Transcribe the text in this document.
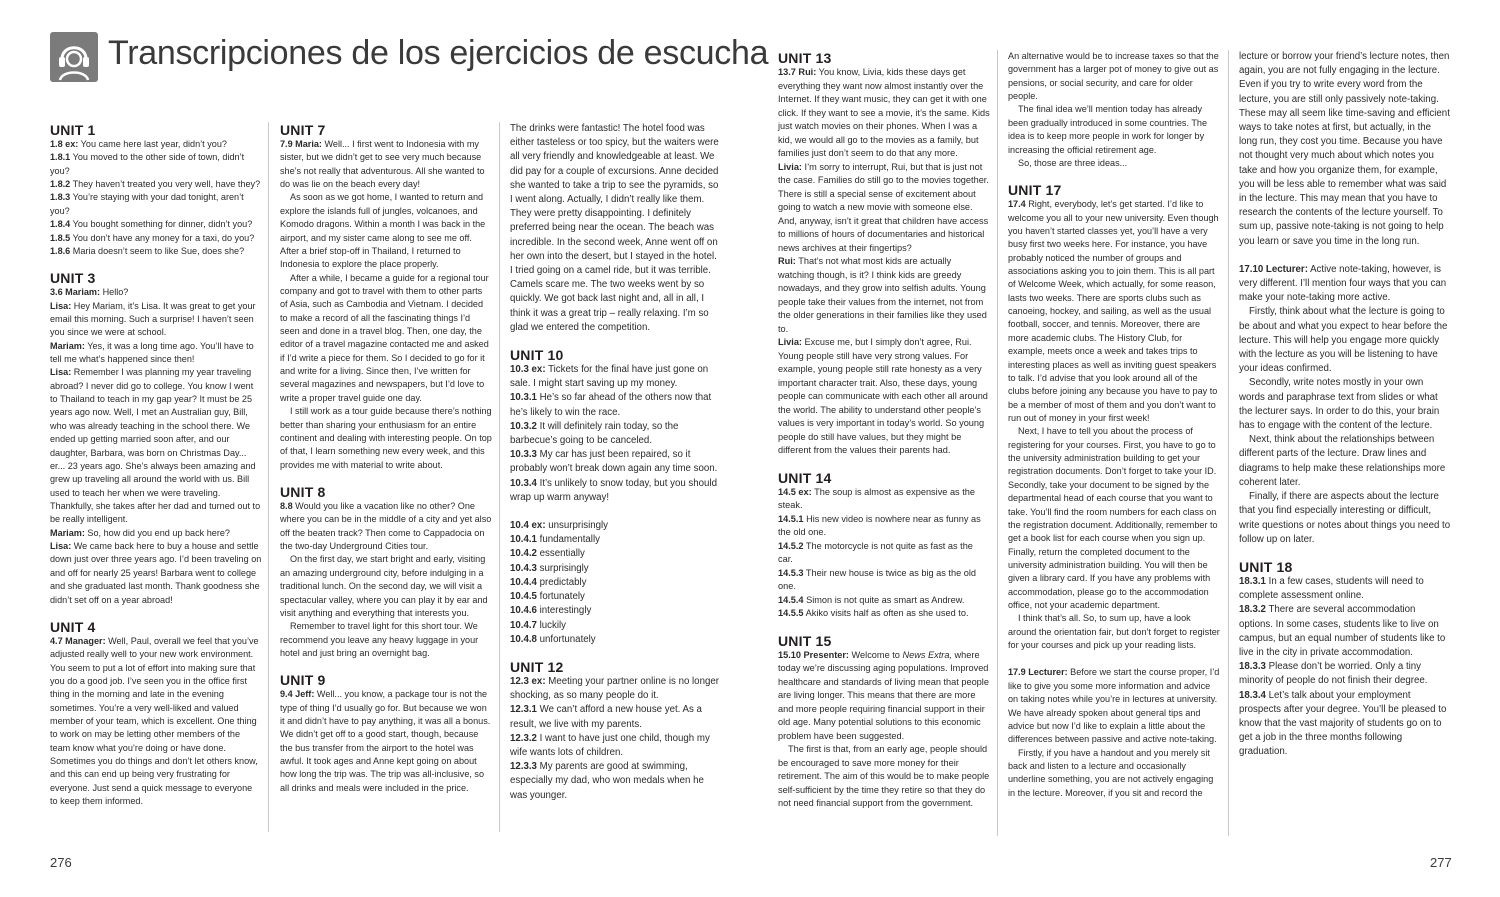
Transcripciones de los ejercicios de escucha
UNIT 1
1.8 ex: You came here last year, didn’t you?
1.8.1 You moved to the other side of town, didn’t you?
1.8.2 They haven’t treated you very well, have they?
1.8.3 You’re staying with your dad tonight, aren’t you?
1.8.4 You bought something for dinner, didn’t you?
1.8.5 You don’t have any money for a taxi, do you?
1.8.6 Maria doesn’t seem to like Sue, does she?
UNIT 3
3.6 Mariam: Hello?
Lisa: Hey Mariam, it’s Lisa. It was great to get your email this morning. Such a surprise! I haven’t seen you since we were at school.
Mariam: Yes, it was a long time ago. You’ll have to tell me what’s happened since then!
Lisa: Remember I was planning my year traveling abroad? I never did go to college. You know I went to Thailand to teach in my gap year? It must be 25 years ago now. Well, I met an Australian guy, Bill, who was already teaching in the school there. We ended up getting married soon after, and our daughter, Barbara, was born on Christmas Day... er... 23 years ago. She’s always been amazing and grew up traveling all around the world with us. Bill used to teach her when we were traveling. Thankfully, she takes after her dad and turned out to be really intelligent.
Mariam: So, how did you end up back here?
Lisa: We came back here to buy a house and settle down just over three years ago. I’d been traveling on and off for nearly 25 years! Barbara went to college and she graduated last month. Thank goodness she didn’t set off on a year abroad!
UNIT 4
4.7 Manager: Well, Paul, overall we feel that you’ve adjusted really well to your new work environment. You seem to put a lot of effort into making sure that you do a good job. I’ve seen you in the office first thing in the morning and late in the evening sometimes. You’re a very well-liked and valued member of your team, which is excellent. One thing to work on may be letting other members of the team know what you’re doing or have done. Sometimes you do things and don’t let others know, and this can end up being very frustrating for everyone. Just send a quick message to everyone to keep them informed.
UNIT 7
7.9 Maria: Well... I first went to Indonesia with my sister, but we didn’t get to see very much because she’s not really that adventurous. All she wanted to do was lie on the beach every day!
As soon as we got home, I wanted to return and explore the islands full of jungles, volcanoes, and Komodo dragons. Within a month I was back in the airport, and my sister came along to see me off. After a brief stop-off in Thailand, I returned to Indonesia to explore the place properly.
After a while, I became a guide for a regional tour company and got to travel with them to other parts of Asia, such as Cambodia and Vietnam. I decided to make a record of all the fascinating things I’d seen and done in a travel blog. Then, one day, the editor of a travel magazine contacted me and asked if I’d write a piece for them. So I decided to go for it and write for a living. Since then, I’ve written for several magazines and newspapers, but I’d love to write a proper travel guide one day.
I still work as a tour guide because there’s nothing better than sharing your enthusiasm for an entire continent and dealing with interesting people. On top of that, I learn something new every week, and this provides me with material to write about.
UNIT 8
8.8 Would you like a vacation like no other? One where you can be in the middle of a city and yet also off the beaten track? Then come to Cappadocia on the two-day Underground Cities tour.
On the first day, we start bright and early, visiting an amazing underground city, before indulging in a traditional lunch. On the second day, we will visit a spectacular valley, where you can play it by ear and visit anything and everything that interests you.
Remember to travel light for this short tour. We recommend you leave any heavy luggage in your hotel and just bring an overnight bag.
UNIT 9
9.4 Jeff: Well... you know, a package tour is not the type of thing I’d usually go for. But because we won it and didn’t have to pay anything, it was all a bonus. We didn’t get off to a good start, though, because the bus transfer from the airport to the hotel was awful. It took ages and Anne kept going on about how long the trip was. The trip was all-inclusive, so all drinks and meals were included in the price.
The drinks were fantastic! The hotel food was either tasteless or too spicy, but the waiters were all very friendly and knowledgeable at least. We did pay for a couple of excursions. Anne decided she wanted to take a trip to see the pyramids, so I went along. Actually, I didn’t really like them. They were pretty disappointing. I definitely preferred being near the ocean. The beach was incredible. In the second week, Anne went off on her own into the desert, but I stayed in the hotel. I tried going on a camel ride, but it was terrible. Camels scare me. The two weeks went by so quickly. We got back last night and, all in all, I think it was a great trip – really relaxing. I’m so glad we entered the competition.
UNIT 10
10.3 ex: Tickets for the final have just gone on sale. I might start saving up my money.
10.3.1 He’s so far ahead of the others now that he’s likely to win the race.
10.3.2 It will definitely rain today, so the barbecue’s going to be canceled.
10.3.3 My car has just been repaired, so it probably won’t break down again any time soon.
10.3.4 It’s unlikely to snow today, but you should wrap up warm anyway!
10.4 ex: unsurprisingly
10.4.1 fundamentally
10.4.2 essentially
10.4.3 surprisingly
10.4.4 predictably
10.4.5 fortunately
10.4.6 interestingly
10.4.7 luckily
10.4.8 unfortunately
UNIT 12
12.3 ex: Meeting your partner online is no longer shocking, as so many people do it.
12.3.1 We can’t afford a new house yet. As a result, we live with my parents.
12.3.2 I want to have just one child, though my wife wants lots of children.
12.3.3 My parents are good at swimming, especially my dad, who won medals when he was younger.
UNIT 13
13.7 Rui: You know, Livia, kids these days get everything they want now almost instantly over the Internet. If they want music, they can get it with one click. If they want to see a movie, it’s the same. Kids just watch movies on their phones. When I was a kid, we would all go to the movies as a family, but families just don’t seem to do that any more.
Livia: I’m sorry to interrupt, Rui, but that is just not the case. Families do still go to the movies together. There is still a special sense of excitement about going to watch a new movie with someone else. And, anyway, isn’t it great that children have access to millions of hours of documentaries and historical news archives at their fingertips?
Rui: That’s not what most kids are actually watching though, is it? I think kids are greedy nowadays, and they grow into selfish adults. Young people take their values from the internet, not from the older generations in their families like they used to.
Livia: Excuse me, but I simply don’t agree, Rui. Young people still have very strong values. For example, young people still rate honesty as a very important character trait. Also, these days, young people can communicate with each other all around the world. The ability to understand other people’s values is very important in today’s world. So young people do still have values, but they might be different from the values their parents had.
UNIT 14
14.5 ex: The soup is almost as expensive as the steak.
14.5.1 His new video is nowhere near as funny as the old one.
14.5.2 The motorcycle is not quite as fast as the car.
14.5.3 Their new house is twice as big as the old one.
14.5.4 Simon is not quite as smart as Andrew.
14.5.5 Akiko visits half as often as she used to.
UNIT 15
15.10 Presenter: Welcome to News Extra, where today we’re discussing aging populations. Improved healthcare and standards of living mean that people are living longer. This means that there are more and more people requiring financial support in their old age. Many potential solutions to this economic problem have been suggested.
The first is that, from an early age, people should be encouraged to save more money for their retirement. The aim of this would be to make people self-sufficient by the time they retire so that they do not need financial support from the government.
An alternative would be to increase taxes so that the government has a larger pot of money to give out as pensions, or social security, and care for older people.
The final idea we’ll mention today has already been gradually introduced in some countries. The idea is to keep more people in work for longer by increasing the official retirement age.
So, those are three ideas...
UNIT 17
17.4 Right, everybody, let’s get started. I’d like to welcome you all to your new university. Even though you haven’t started classes yet, you’ll have a very busy first two weeks here. For instance, you have probably noticed the number of groups and associations asking you to join them. This is all part of Welcome Week, which actually, for some reason, lasts two weeks. There are sports clubs such as canoeing, hockey, and sailing, as well as the usual football, soccer, and tennis. Moreover, there are more academic clubs. The History Club, for example, meets once a week and takes trips to interesting places as well as inviting guest speakers to talk. I’d advise that you look around all of the clubs before joining any because you have to pay to be a member of most of them and you don’t want to run out of money in your first week!
Next, I have to tell you about the process of registering for your courses. First, you have to go to the university administration building to get your registration documents. Don’t forget to take your ID. Secondly, take your document to be signed by the departmental head of each course that you want to take. You’ll find the room numbers for each class on the registration document. Additionally, remember to get a book list for each course when you sign up. Finally, return the completed document to the university administration building. You will then be given a library card. If you have any problems with accommodation, please go to the accommodation office, not your academic department.
I think that’s all. So, to sum up, have a look around the orientation fair, but don’t forget to register for your courses and pick up your reading lists.
17.9 Lecturer: Before we start the course proper, I’d like to give you some more information and advice on taking notes while you’re in lectures at university. We have already spoken about general tips and advice but now I’d like to explain a little about the differences between passive and active note-taking.
Firstly, if you have a handout and you merely sit back and listen to a lecture and occasionally underline something, you are not actively engaging in the lecture. Moreover, if you sit and record the
lecture or borrow your friend’s lecture notes, then again, you are not fully engaging in the lecture. Even if you try to write every word from the lecture, you are still only passively note-taking. These may all seem like time-saving and efficient ways to take notes at first, but actually, in the long run, they cost you time. Because you have not thought very much about which notes you take and how you organize them, for example, you will be less able to remember what was said in the lecture. This may mean that you have to research the contents of the lecture yourself. To sum up, passive note-taking is not going to help you learn or save you time in the long run.
17.10 Lecturer: Active note-taking, however, is very different. I’ll mention four ways that you can make your note-taking more active.
Firstly, think about what the lecture is going to be about and what you expect to hear before the lecture. This will help you engage more quickly with the lecture as you will be listening to have your ideas confirmed.
Secondly, write notes mostly in your own words and paraphrase text from slides or what the lecturer says. In order to do this, your brain has to engage with the content of the lecture.
Next, think about the relationships between different parts of the lecture. Draw lines and diagrams to help make these relationships more coherent later.
Finally, if there are aspects about the lecture that you find especially interesting or difficult, write questions or notes about things you need to follow up on later.
UNIT 18
18.3.1 In a few cases, students will need to complete assessment online.
18.3.2 There are several accommodation options. In some cases, students like to live on campus, but an equal number of students like to live in the city in private accommodation.
18.3.3 Please don’t be worried. Only a tiny minority of people do not finish their degree.
18.3.4 Let’s talk about your employment prospects after your degree. You’ll be pleased to know that the vast majority of students go on to get a job in the three months following graduation.
276	277
